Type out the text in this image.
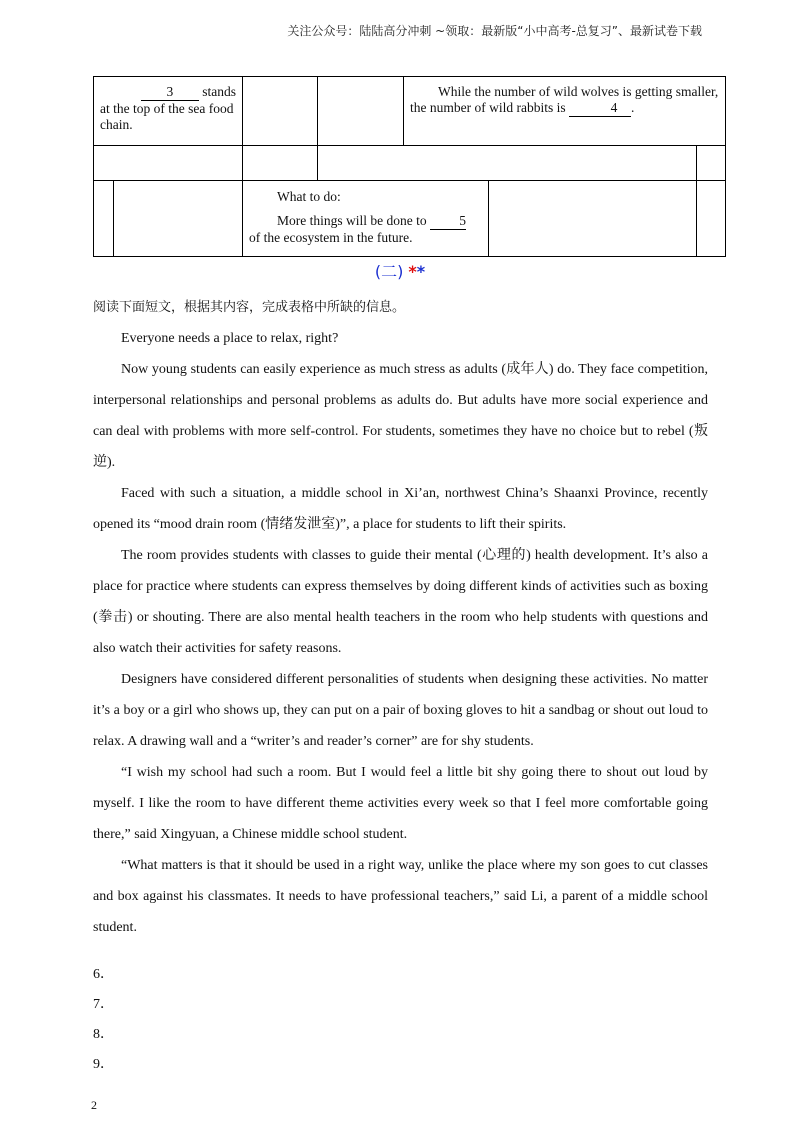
关注公众号：陆陆高分冲刺 ~领取：最新版“小中高考-总复习”、最新试卷下载
3 stands
at the top of the sea food chain.				While the number of wild wolves is getting smaller, the number of wild rabbits is 4 .		

		What to do:
More things will be done to 5
of the ecosystem in the future.				

(二) **

阅读下面短文，根据其内容，完成表格中所缺的信息。

Everyone needs a place to relax, right?

Now young students can easily experience as much stress as adults (成年人) do. They face competition, interpersonal relationships and personal problems as adults do. But adults have more social experience and can deal with problems with more self-control. For students, sometimes they have no choice but to rebel (叛逆).

Faced with such a situation, a middle school in Xi’an, northwest China’s Shaanxi Province, recently opened its “mood drain room (情绪发泄室)”, a place for students to lift their spirits.

The room provides students with classes to guide their mental (心理的) health development. It’s also a place for practice where students can express themselves by doing different kinds of activities such as boxing (拳击) or shouting. There are also mental health teachers in the room who help students with questions and also watch their activities for safety reasons.

Designers have considered different personalities of students when designing these activities. No matter it’s a boy or a girl who shows up, they can put on a pair of boxing gloves to hit a sandbag or shout out loud to relax. A drawing wall and a “writer’s and reader’s corner” are for shy students.

“I wish my school had such a room. But I would feel a little bit shy going there to shout out loud by myself. I like the room to have different theme activities every week so that I feel more comfortable going there,” said Xingyuan, a Chinese middle school student.

“What matters is that it should be used in a right way, unlike the place where my son goes to cut classes and box against his classmates. It needs to have professional teachers,” said Li, a parent of a middle school student.

6．
7．
8．
9．
2
